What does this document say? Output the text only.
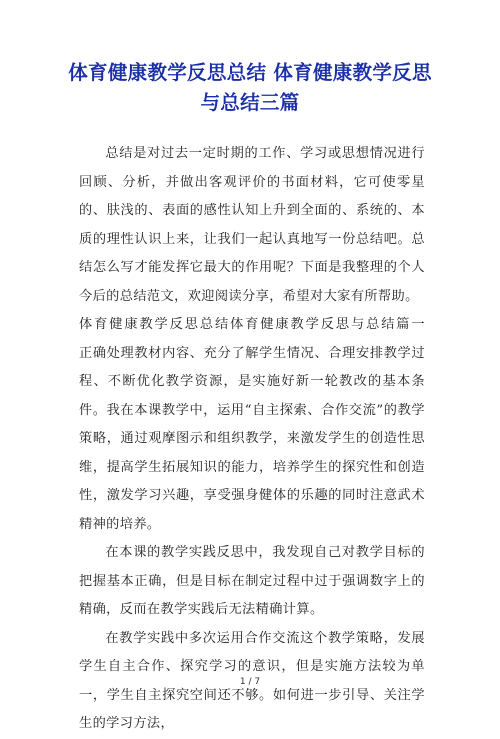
体育健康教学反思总结 体育健康教学反思与总结三篇

总结是对过去一定时期的工作、学习或思想情况进行回顾、分析，并做出客观评价的书面材料，它可使零星的、肤浅的、表面的感性认知上升到全面的、系统的、本质的理性认识上来，让我们一起认真地写一份总结吧。总结怎么写才能发挥它最大的作用呢？下面是我整理的个人今后的总结范文，欢迎阅读分享，希望对大家有所帮助。

体育健康教学反思总结体育健康教学反思与总结篇一　　正确处理教材内容、充分了解学生情况、合理安排教学过程、不断优化教学资源，是实施好新一轮教改的基本条件。我在本课教学中，运用“自主探索、合作交流”的教学策略，通过观摩图示和组织教学，来激发学生的创造性思维，提高学生拓展知识的能力，培养学生的探究性和创造性，激发学习兴趣，享受强身健体的乐趣的同时注意武术精神的培养。

在本课的教学实践反思中，我发现自己对教学目标的把握基本正确，但是目标在制定过程中过于强调数字上的精确，反而在教学实践后无法精确计算。

在教学实践中多次运用合作交流这个教学策略，发展学生自主合作、探究学习的意识，但是实施方法较为单一，学生自主探究空间还不够。如何进一步引导、关注学生的学习方法，

1 / 7
